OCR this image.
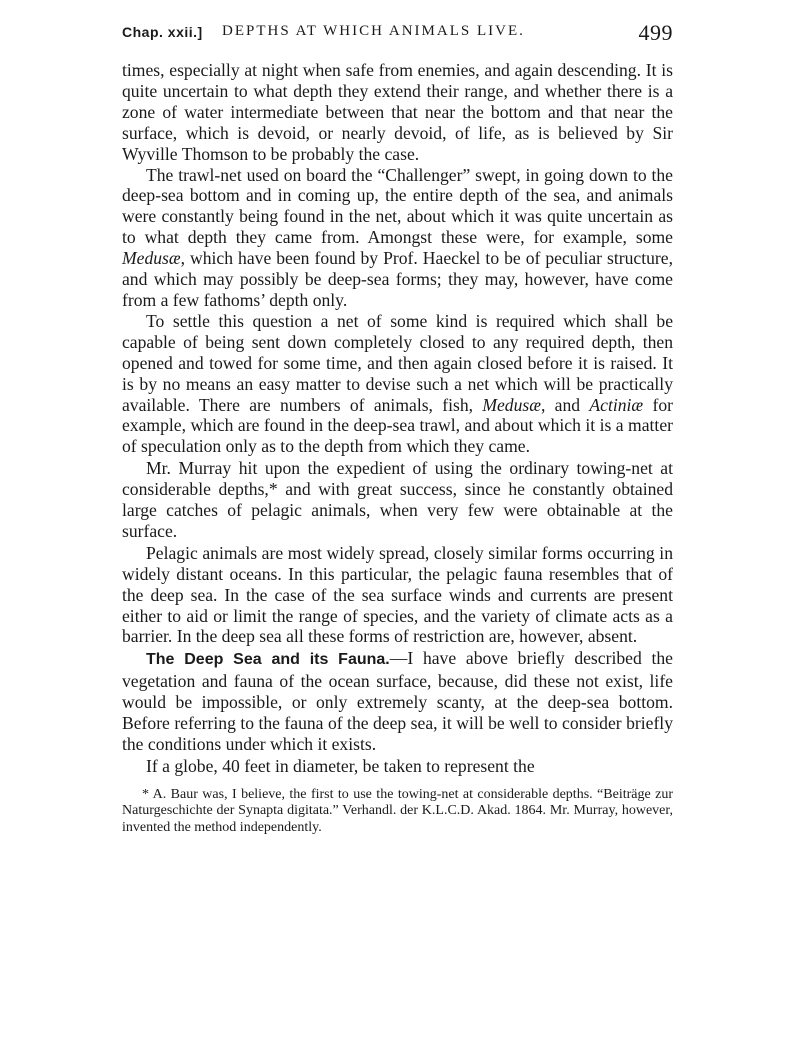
Chap. xxii.] DEPTHS AT WHICH ANIMALS LIVE.	499

times, especially at night when safe from enemies, and again descending. It is quite uncertain to what depth they extend their range, and whether there is a zone of water intermediate between that near the bottom and that near the surface, which is devoid, or nearly devoid, of life, as is believed by Sir Wyville Thomson to be probably the case.

The trawl-net used on board the “Challenger” swept, in going down to the deep-sea bottom and in coming up, the entire depth of the sea, and animals were constantly being found in the net, about which it was quite uncertain as to what depth they came from. Amongst these were, for example, some Medusæ, which have been found by Prof. Haeckel to be of peculiar structure, and which may possibly be deep-sea forms; they may, however, have come from a few fathoms’ depth only.

To settle this question a net of some kind is required which shall be capable of being sent down completely closed to any required depth, then opened and towed for some time, and then again closed before it is raised. It is by no means an easy matter to devise such a net which will be practically available. There are numbers of animals, fish, Medusæ, and Actiniæ for example, which are found in the deep-sea trawl, and about which it is a matter of speculation only as to the depth from which they came.

Mr. Murray hit upon the expedient of using the ordinary towing-net at considerable depths,* and with great success, since he constantly obtained large catches of pelagic animals, when very few were obtainable at the surface.

Pelagic animals are most widely spread, closely similar forms occurring in widely distant oceans. In this particular, the pelagic fauna resembles that of the deep sea. In the case of the sea surface winds and currents are present either to aid or limit the range of species, and the variety of climate acts as a barrier. In the deep sea all these forms of restriction are, however, absent.

The Deep Sea and its Fauna.—I have above briefly described the vegetation and fauna of the ocean surface, because, did these not exist, life would be impossible, or only extremely scanty, at the deep-sea bottom. Before referring to the fauna of the deep sea, it will be well to consider briefly the conditions under which it exists.

If a globe, 40 feet in diameter, be taken to represent the

* A. Baur was, I believe, the first to use the towing-net at considerable depths. “Beiträge zur Naturgeschichte der Synapta digitata.” Verhandl. der K.L.C.D. Akad. 1864. Mr. Murray, however, invented the method independently.
